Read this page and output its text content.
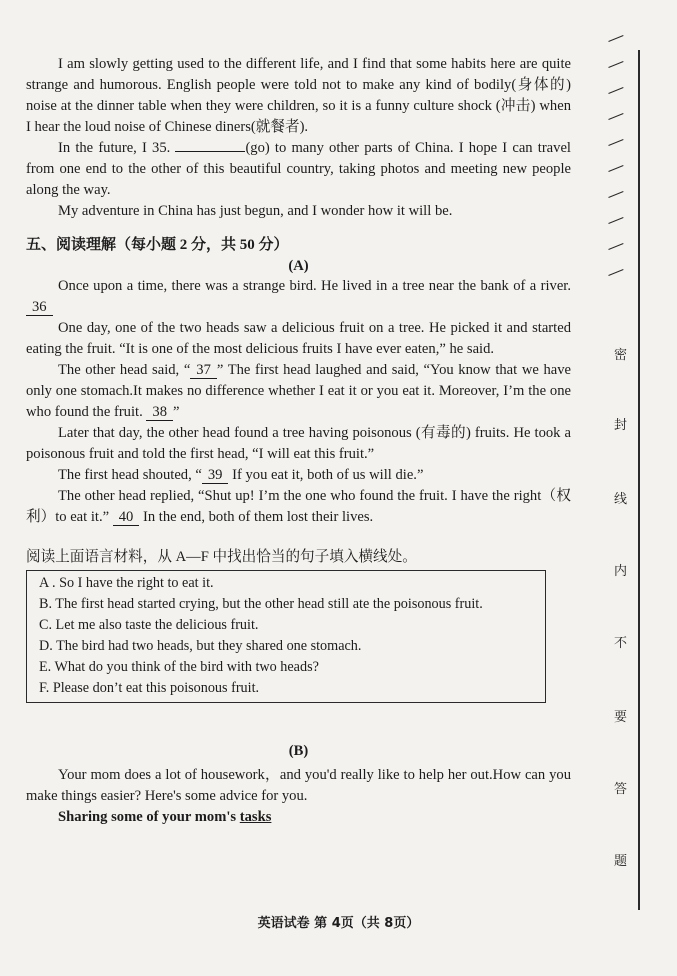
I am slowly getting used to the different life, and I find that some habits here are quite strange and humorous. English people were told not to make any kind of bodily(身体的) noise at the dinner table when they were children, so it is a funny culture shock (冲击) when I hear the loud noise of Chinese diners(就餐者).

In the future, I 35.	(go) to many other parts of China. I hope I can travel from one end to the other of this beautiful country, taking photos and meeting new people along the way.

My adventure in China has just begun, and I wonder how it will be.

五、阅读理解（每小题 2 分，共 50 分）
(A)

Once upon a time, there was a strange bird. He lived in a tree near the bank of a river. 36

One day, one of the two heads saw a delicious fruit on a tree. He picked it and started eating the fruit. “It is one of the most delicious fruits I have ever eaten,” he said.

The other head said, “ 37 ” The first head laughed and said, “You know that we have only one stomach.It makes no difference whether I eat it or you eat it. Moreover, I’m the one who found the fruit. 38 ”

Later that day, the other head found a tree having poisonous (有毒的) fruits. He took a poisonous fruit and told the first head, “I will eat this fruit.”

The first head shouted, “ 39 If you eat it, both of us will die.”

The other head replied, “Shut up! I’m the one who found the fruit. I have the right（权利）to eat it.” 40 In the end, both of them lost their lives.

阅读上面语言材料，从 A—F 中找出恰当的句子填入横线处。
A . So I have the right to eat it.
B. The first head started crying, but the other head still ate the poisonous fruit.
C. Let me also taste the delicious fruit.
D. The bird had two heads, but they shared one stomach.
E. What do you think of the bird with two heads?
F. Please don’t eat this poisonous fruit.
(B)

Your mom does a lot of housework，and you'd really like to help her out.How can you make things easier? Here's some advice for you.

Sharing some of your mom's tasks

密
封
线
内
不
要
答
题
英语试卷 第 4页（共 8页）
